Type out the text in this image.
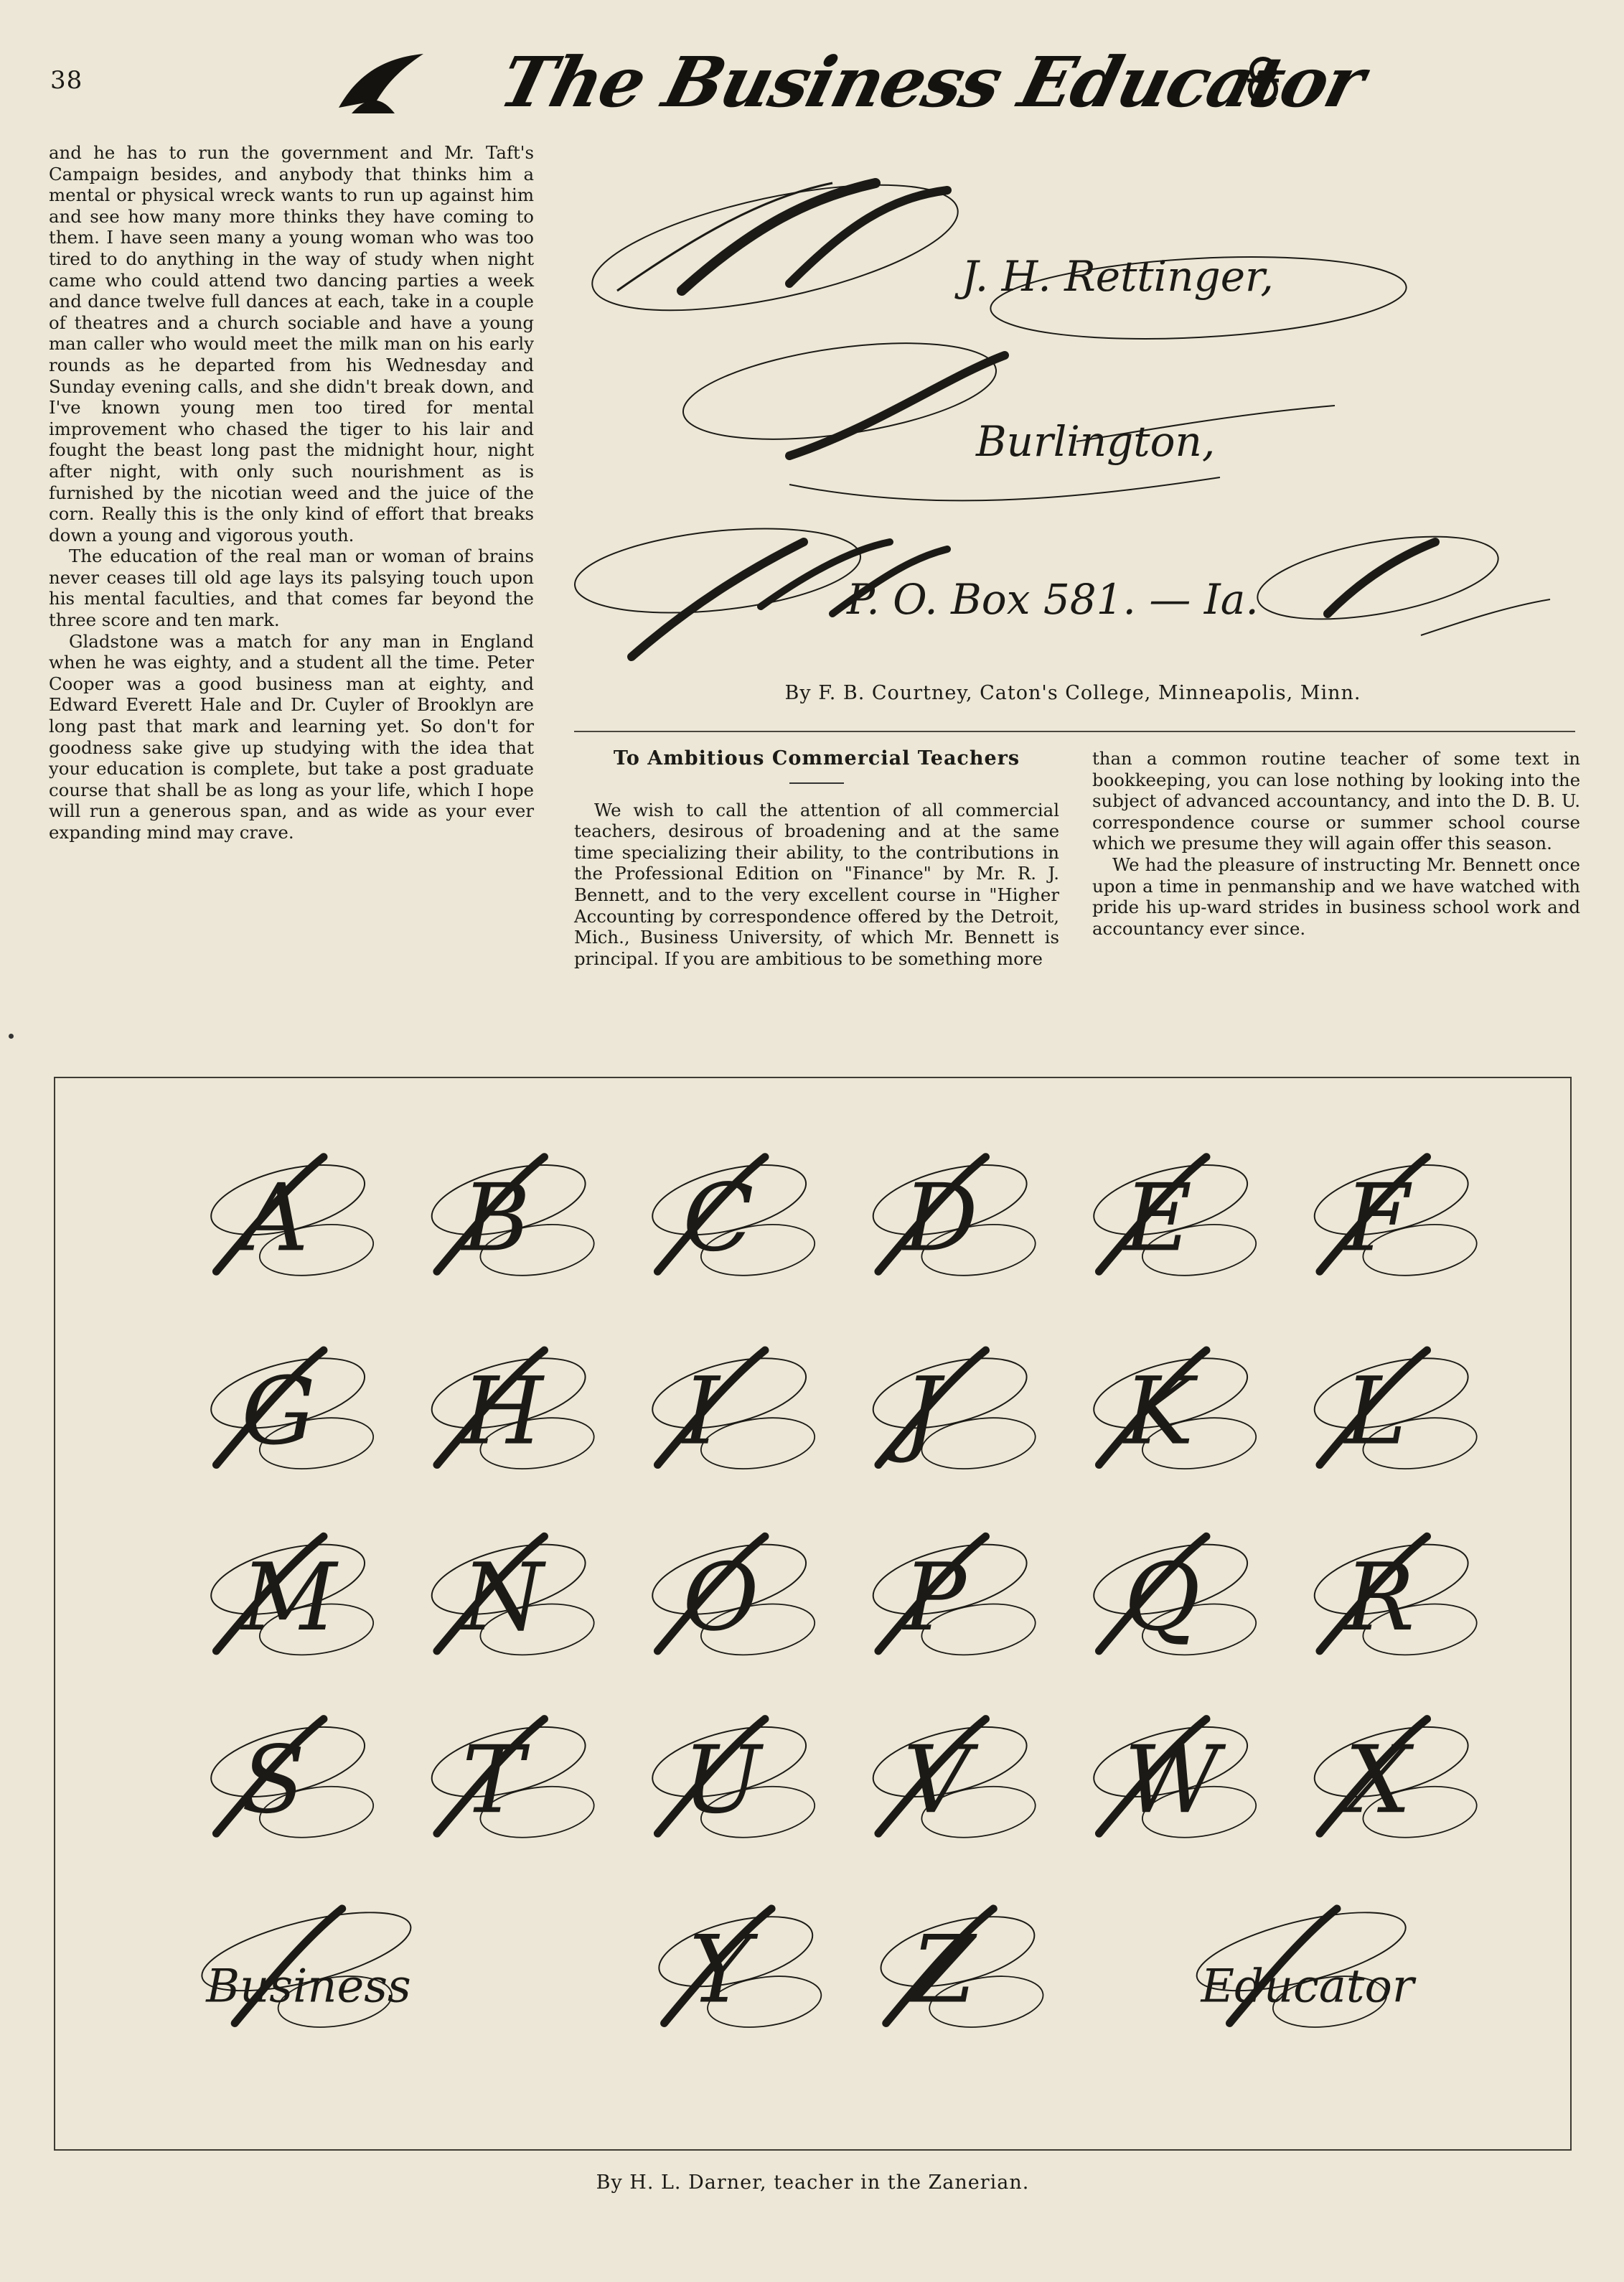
38	The Business Educator

and he has to run the government and Mr. Taft's Campaign besides, and anybody that thinks him a mental or physical wreck wants to run up against him and see how many more thinks they have coming to them. I have seen many a young woman who was too tired to do anything in the way of study when night came who could attend two dancing parties a week and dance twelve full dances at each, take in a couple of theatres and a church sociable and have a young man caller who would meet the milk man on his early rounds as he departed from his Wednesday and Sunday evening calls, and she didn't break down, and I've known young men too tired for mental improvement who chased the tiger to his lair and fought the beast long past the midnight hour, night after night, with only such nourishment as is furnished by the nicotian weed and the juice of the corn. Really this is the only kind of effort that breaks down a young and vigorous youth.

The education of the real man or woman of brains never ceases till old age lays its palsying touch upon his mental faculties, and that comes far beyond the three score and ten mark.

Gladstone was a match for any man in England when he was eighty, and a student all the time. Peter Cooper was a good business man at eighty, and Edward Everett Hale and Dr. Cuyler of Brooklyn are long past that mark and learning yet. So don't for goodness sake give up studying with the idea that your education is complete, but take a post graduate course that shall be as long as your life, which I hope will run a generous span, and as wide as your ever expanding mind may crave.

J. H. Rettinger,
Burlington,
P. O. Box 581. — Ia.
By F. B. Courtney, Caton's College, Minneapolis, Minn.
To Ambitious Commercial Teachers

We wish to call the attention of all commercial teachers, desirous of broadening and at the same time specializing their ability, to the contributions in the Professional Edition on "Finance" by Mr. R. J. Bennett, and to the very excellent course in "Higher Accounting by correspondence offered by the Detroit, Mich., Business University, of which Mr. Bennett is principal. If you are ambitious to be something more

than a common routine teacher of some text in bookkeeping, you can lose nothing by looking into the subject of advanced accountancy, and into the D. B. U. correspondence course or summer school course which we presume they will again offer this season.

We had the pleasure of instructing Mr. Bennett once upon a time in penmanship and we have watched with pride his up-ward strides in business school work and accountancy ever since.

A B C D E F
G H I J K L
M N O P Q R
S T U V W X
Business	Y Z	Educator
By H. L. Darner, teacher in the Zanerian.
